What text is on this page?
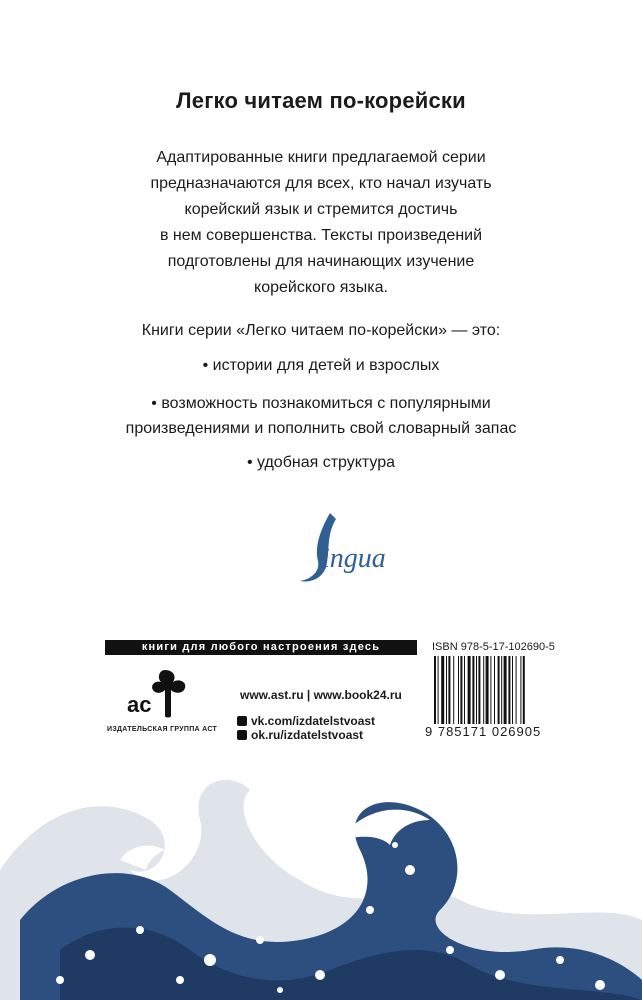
Легко читаем по-корейски
Адаптированные книги предлагаемой серии
предназначаются для всех, кто начал изучать
корейский язык и стремится достичь
в нем совершенства. Тексты произведений
подготовлены для начинающих изучение
корейского языка.
Книги серии «Легко читаем по-корейски» — это:
• истории для детей и взрослых
• возможность познакомиться с популярными
произведениями и пополнить свой словарный запас
• удобная структура
ingua
книги для любого настроения здесь	ISBN 978-5-17-102690-5
ас
ИЗДАТЕЛЬСКАЯ ГРУППА АСТ
www.ast.ru | www.book24.ru
vk.com/izdatelstvoast
ok.ru/izdatelstvoast	9 785171 026905
